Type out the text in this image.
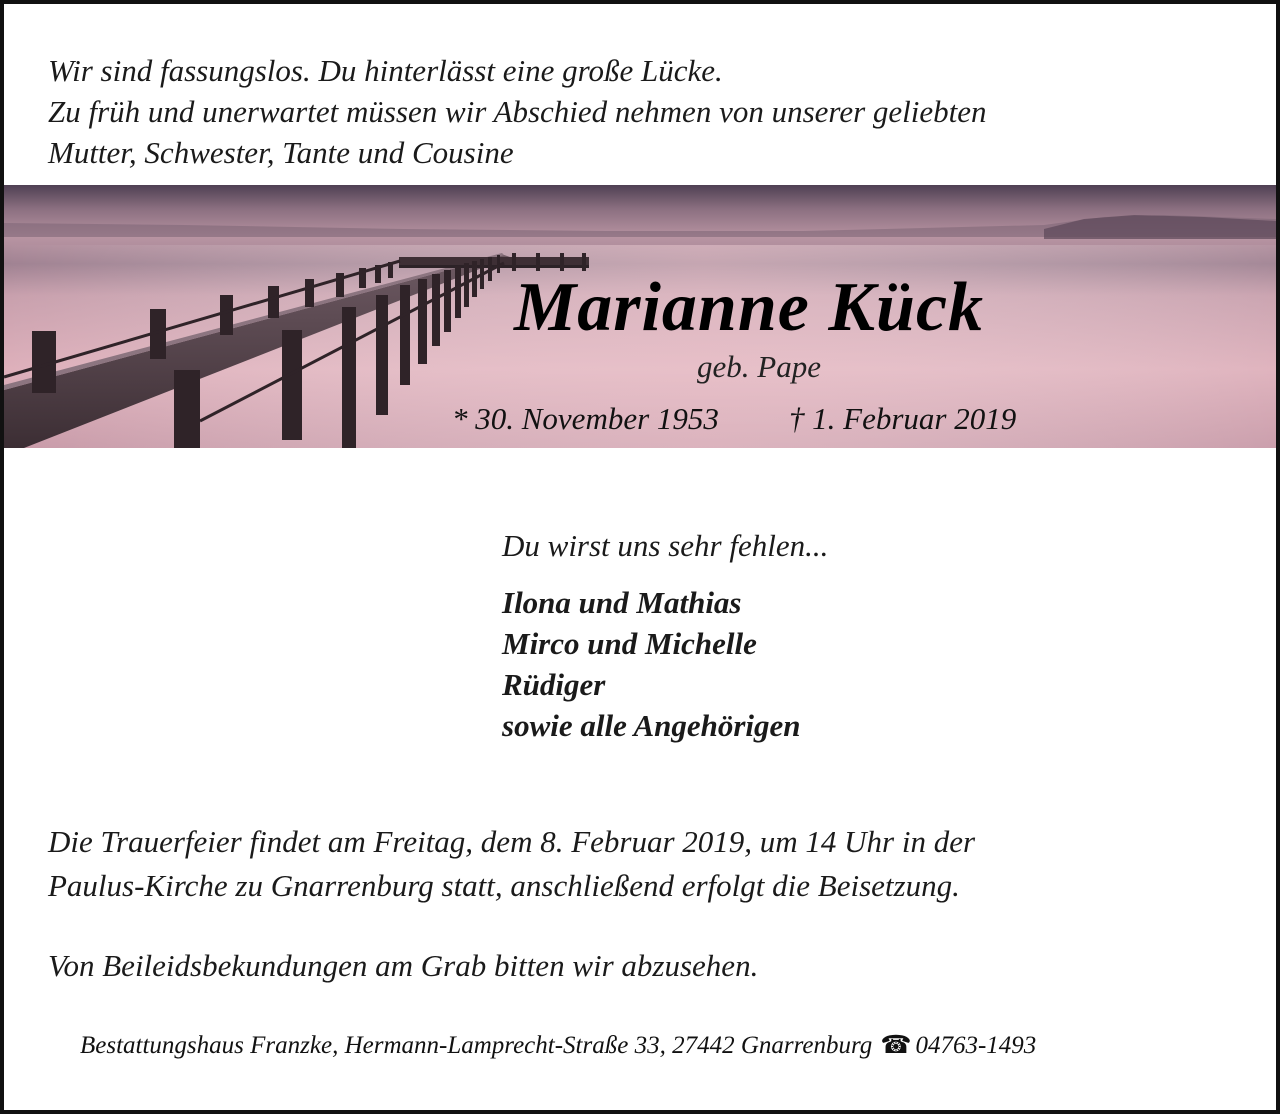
Wir sind fassungslos. Du hinterlässt eine große Lücke.
Zu früh und unerwartet müssen wir Abschied nehmen von unserer geliebten
Mutter, Schwester, Tante und Cousine
Marianne Kück
geb. Pape
* 30. November 1953 † 1. Februar 2019
Du wirst uns sehr fehlen...
Ilona und Mathias
Mirco und Michelle
Rüdiger
sowie alle Angehörigen
Die Trauerfeier findet am Freitag, dem 8. Februar 2019, um 14 Uhr in der
Paulus-Kirche zu Gnarrenburg statt, anschließend erfolgt die Beisetzung.
Von Beileidsbekundungen am Grab bitten wir abzusehen.
Bestattungshaus Franzke, Hermann-Lamprecht-Straße 33, 27442 Gnarrenburg ☎ 04763-1493
